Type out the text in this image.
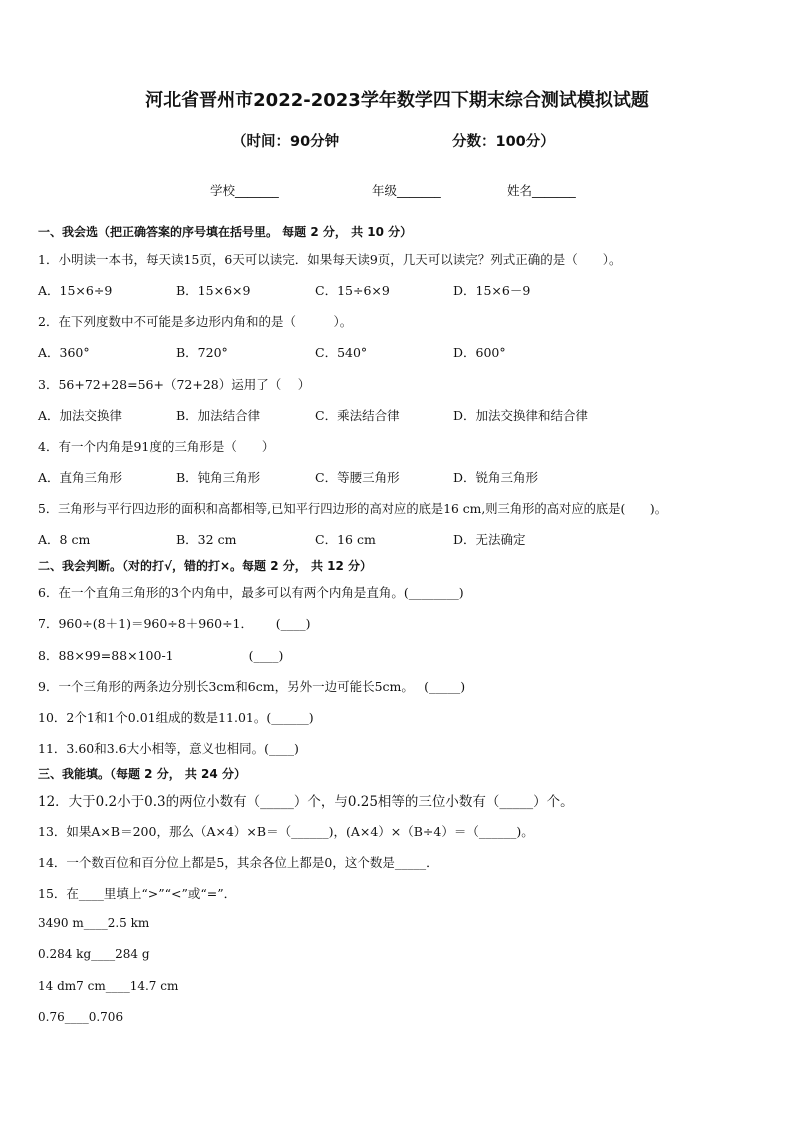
河北省晋州市2022-2023学年数学四下期末综合测试模拟试题
（时间：90分钟	分数：100分）
学校_______	年级_______	姓名_______
一、我会选（把正确答案的序号填在括号里。 每题 2 分， 共 10 分）
1．小明读一本书，每天读15页，6天可以读完．如果每天读9页，几天可以读完？列式正确的是（　　）。
A．15×6÷9	B．15×6×9	C．15÷6×9	D．15×6－9
2．在下列度数中不可能是多边形内角和的是（　　　）。
A．360°	B．720°	C．540°	D．600°
3．56+72+28=56+（72+28）运用了（　 ）
A．加法交换律	B．加法结合律	C．乘法结合律	D．加法交换律和结合律
4．有一个内角是91度的三角形是（　　）
A．直角三角形	B．钝角三角形	C．等腰三角形	D．锐角三角形
5．三角形与平行四边形的面积和高都相等,已知平行四边形的高对应的底是16 cm,则三角形的高对应的底是(　　)。
A．8 cm	B．32 cm	C．16 cm	D．无法确定
二、我会判断。（对的打√，错的打×。每题 2 分， 共 12 分）
6．在一个直角三角形的3个内角中，最多可以有两个内角是直角。(________)
7．960÷(8＋1)＝960÷8＋960÷1．　　 (____)
8．88×99=88×100-1　　　　　　(____)
9．一个三角形的两条边分别长3cm和6cm，另外一边可能长5cm。　 (_____)
10．2个1和1个0.01组成的数是11.01。(______)
11．3.60和3.6大小相等，意义也相同。(____)
三、我能填。（每题 2 分， 共 24 分）
12．大于0.2小于0.3的两位小数有（_____）个，与0.25相等的三位小数有（_____）个。
13．如果A×B＝200，那么（A×4）×B＝（______)，(A×4）×（B÷4）＝（______)。
14．一个数百位和百分位上都是5，其余各位上都是0，这个数是_____．
15．在____里填上“>”“<”或“=”．
3490 m____2.5 km
0.284 kg____284 g
14 dm7 cm____14.7 cm
0.76____0.706
